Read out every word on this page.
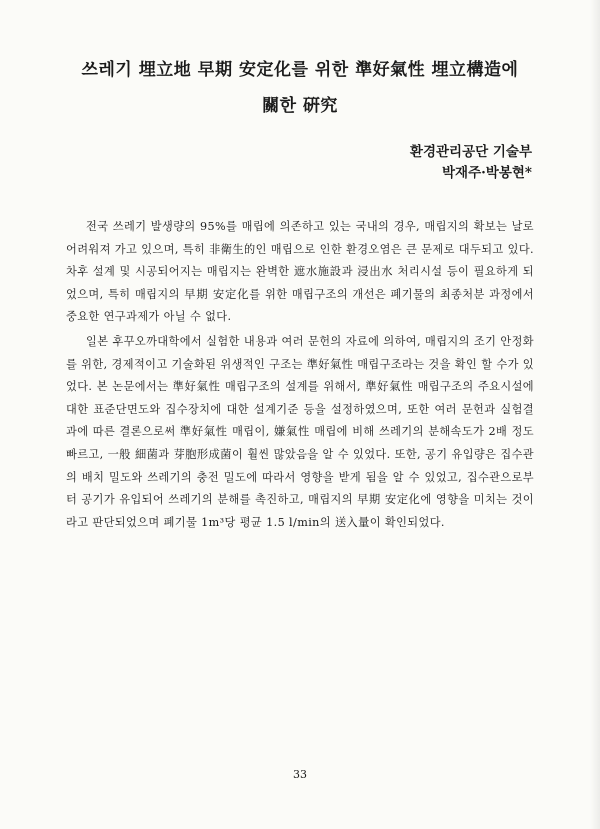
쓰레기 埋立地 早期 安定化를 위한 準好氣性 埋立構造에
關한 硏究
환경관리공단 기술부
박재주·박봉현*

전국 쓰레기 발생량의 95%를 매립에 의존하고 있는 국내의 경우, 매립지의 확보는 날로 어려워져 가고 있으며, 특히 非衛生的인 매립으로 인한 환경오염은 큰 문제로 대두되고 있다. 차후 설계 및 시공되어지는 매립지는 완벽한 遮水施設과 浸出水 처리시설 등이 필요하게 되었으며, 특히 매립지의 早期 安定化를 위한 매립구조의 개선은 폐기물의 최종처분 과정에서 중요한 연구과제가 아닐 수 없다.

일본 후꾸오까대학에서 실험한 내용과 여러 문헌의 자료에 의하여, 매립지의 조기 안정화를 위한, 경제적이고 기술화된 위생적인 구조는 準好氣性 매립구조라는 것을 확인 할 수가 있었다. 본 논문에서는 準好氣性 매립구조의 설계를 위해서, 準好氣性 매립구조의 주요시설에 대한 표준단면도와 집수장치에 대한 설계기준 등을 설정하였으며, 또한 여러 문헌과 실험결과에 따른 결론으로써 準好氣性 매립이, 嫌氣性 매립에 비해 쓰레기의 분해속도가 2배 정도 빠르고, 一般 細菌과 芽胞形成菌이 훨씬 많았음을 알 수 있었다. 또한, 공기 유입량은 집수관의 배치 밀도와 쓰레기의 충전 밀도에 따라서 영향을 받게 됨을 알 수 있었고, 집수관으로부터 공기가 유입되어 쓰레기의 분해를 촉진하고, 매립지의 早期 安定化에 영향을 미치는 것이라고 판단되었으며 폐기물 1m³당 평균 1.5 l/min의 送入量이 확인되었다.

33
